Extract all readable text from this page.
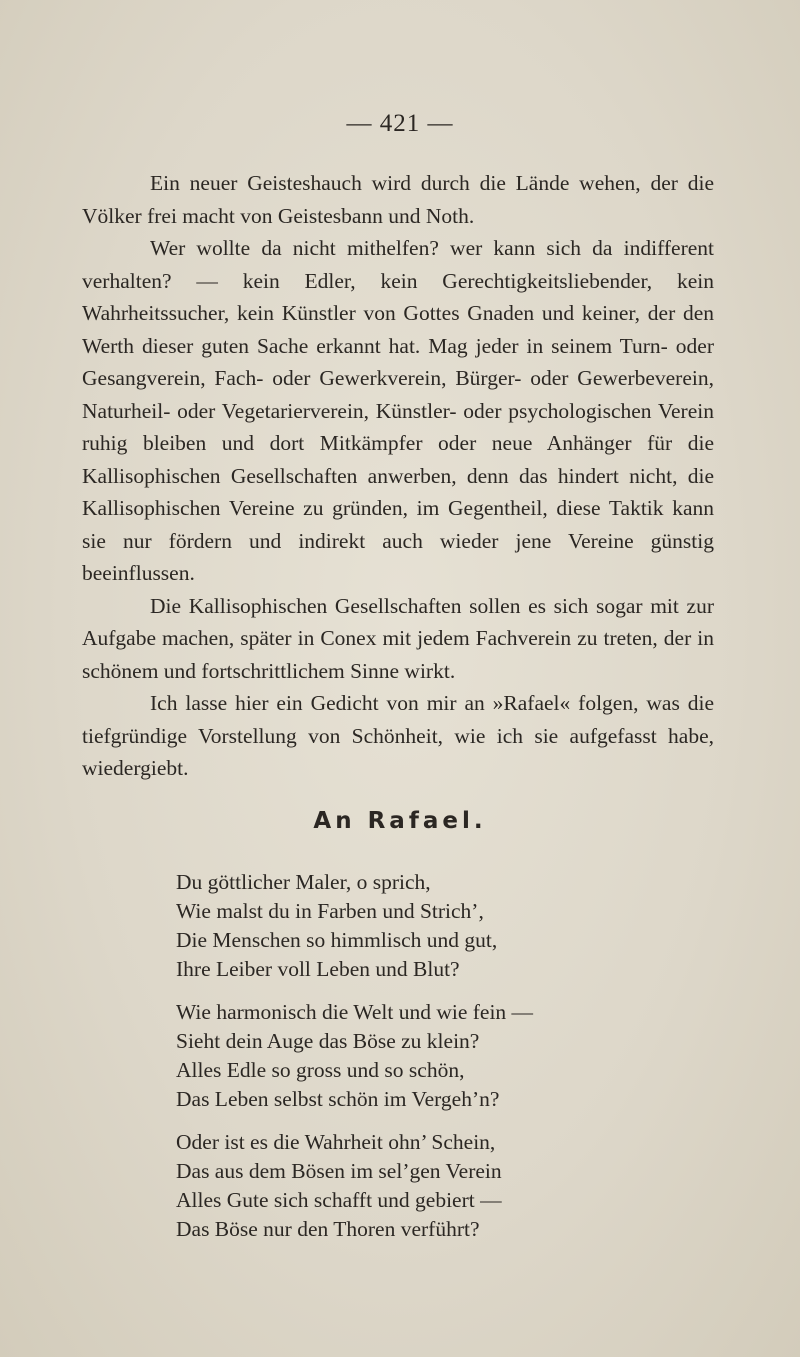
— 421 —

Ein neuer Geisteshauch wird durch die Lände wehen, der die Völker frei macht von Geistesbann und Noth.

Wer wollte da nicht mithelfen? wer kann sich da indifferent verhalten? — kein Edler, kein Gerechtigkeitsliebender, kein Wahrheitssucher, kein Künstler von Gottes Gnaden und keiner, der den Werth dieser guten Sache erkannt hat. Mag jeder in seinem Turn- oder Gesangverein, Fach- oder Gewerkverein, Bürger- oder Gewerbeverein, Naturheil- oder Vegetarierverein, Künstler- oder psychologischen Verein ruhig bleiben und dort Mitkämpfer oder neue Anhänger für die Kallisophischen Gesellschaften anwerben, denn das hindert nicht, die Kallisophischen Vereine zu gründen, im Gegentheil, diese Taktik kann sie nur fördern und indirekt auch wieder jene Vereine günstig beeinflussen.

Die Kallisophischen Gesellschaften sollen es sich sogar mit zur Aufgabe machen, später in Conex mit jedem Fachverein zu treten, der in schönem und fortschrittlichem Sinne wirkt.

Ich lasse hier ein Gedicht von mir an »Rafael« folgen, was die tiefgründige Vorstellung von Schönheit, wie ich sie aufgefasst habe, wiedergiebt.

An Rafael.
Du göttlicher Maler, o sprich,
Wie malst du in Farben und Strich’,
Die Menschen so himmlisch und gut,
Ihre Leiber voll Leben und Blut?
Wie harmonisch die Welt und wie fein —
Sieht dein Auge das Böse zu klein?
Alles Edle so gross und so schön,
Das Leben selbst schön im Vergeh’n?
Oder ist es die Wahrheit ohn’ Schein,
Das aus dem Bösen im sel’gen Verein
Alles Gute sich schafft und gebiert —
Das Böse nur den Thoren verführt?
